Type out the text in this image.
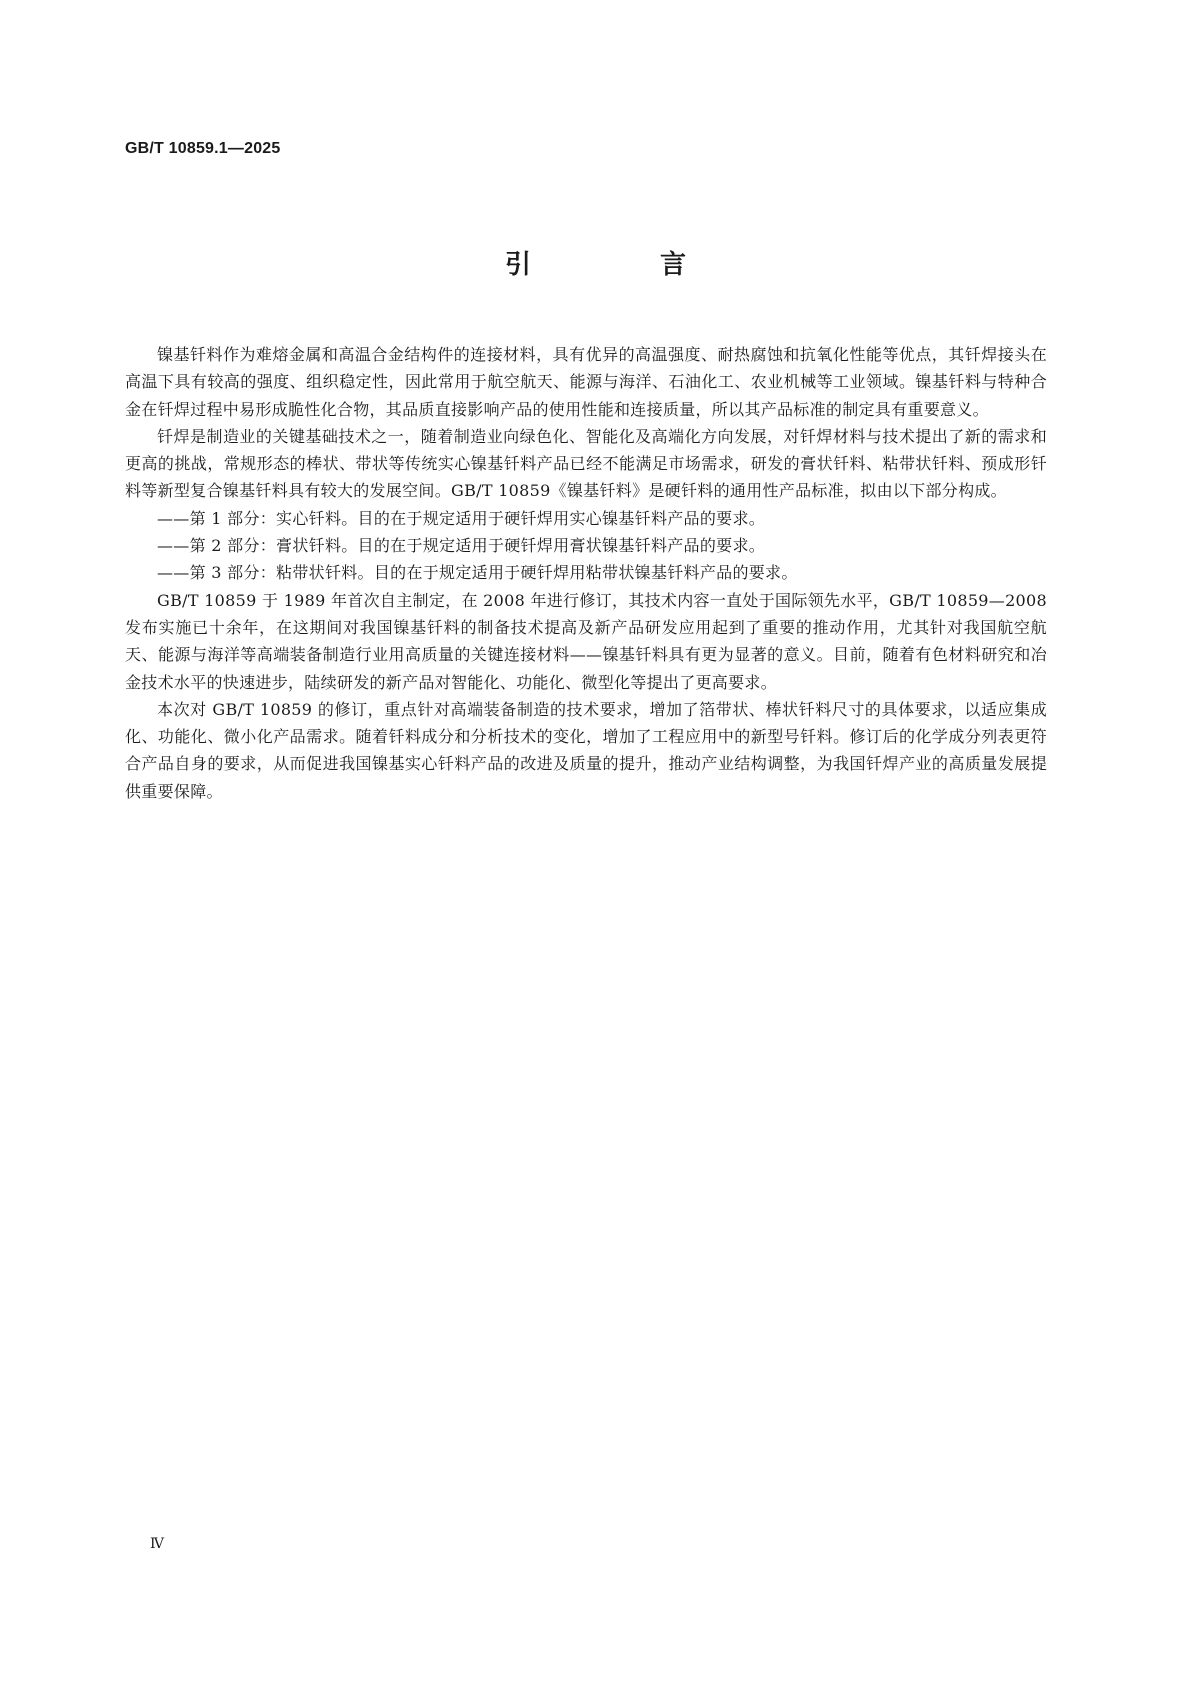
GB/T 10859.1—2025
引 言

镍基钎料作为难熔金属和高温合金结构件的连接材料，具有优异的高温强度、耐热腐蚀和抗氧化性能等优点，其钎焊接头在高温下具有较高的强度、组织稳定性，因此常用于航空航天、能源与海洋、石油化工、农业机械等工业领域。镍基钎料与特种合金在钎焊过程中易形成脆性化合物，其品质直接影响产品的使用性能和连接质量，所以其产品标准的制定具有重要意义。

钎焊是制造业的关键基础技术之一，随着制造业向绿色化、智能化及高端化方向发展，对钎焊材料与技术提出了新的需求和更高的挑战，常规形态的棒状、带状等传统实心镍基钎料产品已经不能满足市场需求，研发的膏状钎料、粘带状钎料、预成形钎料等新型复合镍基钎料具有较大的发展空间。GB/T 10859《镍基钎料》是硬钎料的通用性产品标准，拟由以下部分构成。

——第 1 部分：实心钎料。目的在于规定适用于硬钎焊用实心镍基钎料产品的要求。

——第 2 部分：膏状钎料。目的在于规定适用于硬钎焊用膏状镍基钎料产品的要求。

——第 3 部分：粘带状钎料。目的在于规定适用于硬钎焊用粘带状镍基钎料产品的要求。

GB/T 10859 于 1989 年首次自主制定，在 2008 年进行修订，其技术内容一直处于国际领先水平，GB/T 10859—2008 发布实施已十余年，在这期间对我国镍基钎料的制备技术提高及新产品研发应用起到了重要的推动作用，尤其针对我国航空航天、能源与海洋等高端装备制造行业用高质量的关键连接材料——镍基钎料具有更为显著的意义。目前，随着有色材料研究和冶金技术水平的快速进步，陆续研发的新产品对智能化、功能化、微型化等提出了更高要求。

本次对 GB/T 10859 的修订，重点针对高端装备制造的技术要求，增加了箔带状、棒状钎料尺寸的具体要求，以适应集成化、功能化、微小化产品需求。随着钎料成分和分析技术的变化，增加了工程应用中的新型号钎料。修订后的化学成分列表更符合产品自身的要求，从而促进我国镍基实心钎料产品的改进及质量的提升，推动产业结构调整，为我国钎焊产业的高质量发展提供重要保障。

Ⅳ
